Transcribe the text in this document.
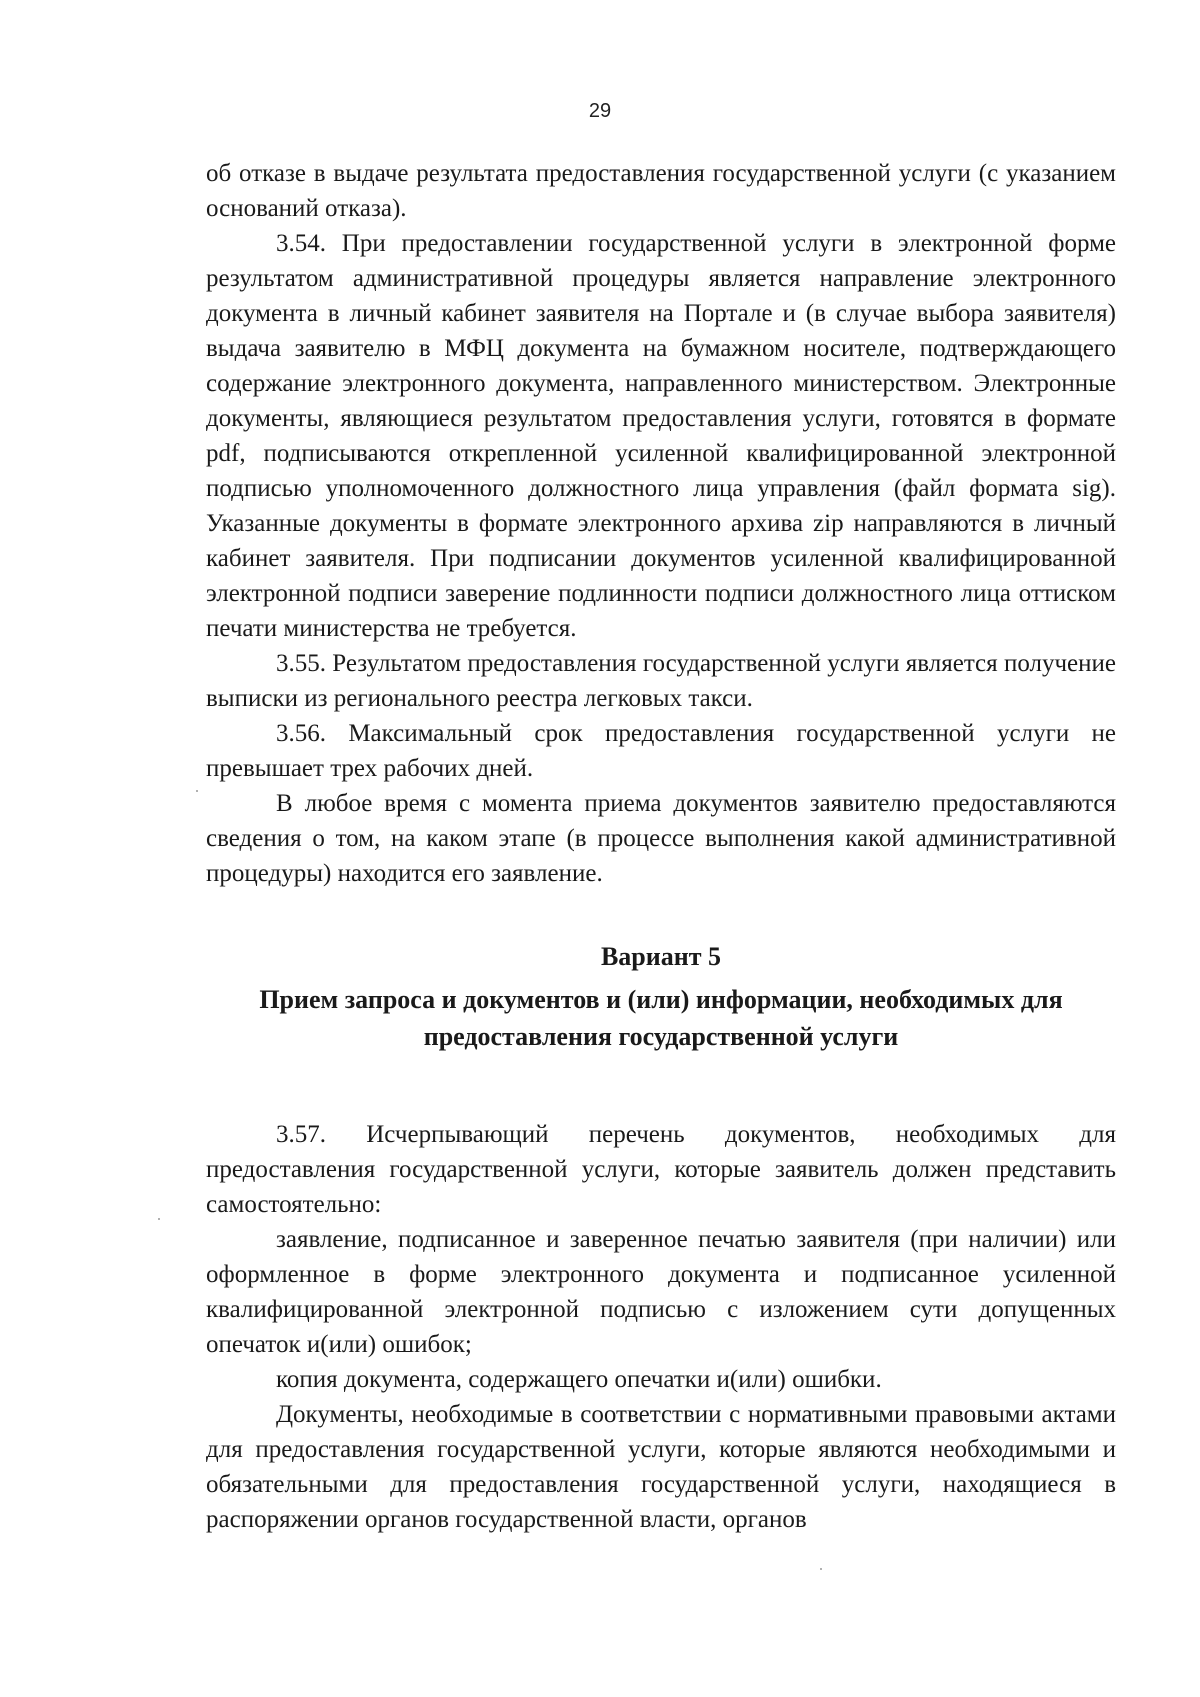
29

об отказе в выдаче результата предоставления государственной услуги (с указанием оснований отказа).

3.54. При предоставлении государственной услуги в электронной форме результатом административной процедуры является направление электронного документа в личный кабинет заявителя на Портале и (в случае выбора заявителя) выдача заявителю в МФЦ документа на бумажном носителе, подтверждающего содержание электронного документа, направленного министерством. Электронные документы, являющиеся результатом предоставления услуги, готовятся в формате pdf, подписываются открепленной усиленной квалифицированной электронной подписью уполномоченного должностного лица управления (файл формата sig). Указанные документы в формате электронного архива zip направляются в личный кабинет заявителя. При подписании документов усиленной квалифицированной электронной подписи заверение подлинности подписи должностного лица оттиском печати министерства не требуется.

3.55. Результатом предоставления государственной услуги является получение выписки из регионального реестра легковых такси.

3.56. Максимальный срок предоставления государственной услуги не превышает трех рабочих дней.

В любое время с момента приема документов заявителю предоставляются сведения о том, на каком этапе (в процессе выполнения какой административной процедуры) находится его заявление.

Вариант 5

Прием запроса и документов и (или) информации, необходимых для предоставления государственной услуги

3.57. Исчерпывающий перечень документов, необходимых для предоставления государственной услуги, которые заявитель должен представить самостоятельно:

заявление, подписанное и заверенное печатью заявителя (при наличии) или оформленное в форме электронного документа и подписанное усиленной квалифицированной электронной подписью с изложением сути допущенных опечаток и(или) ошибок;

копия документа, содержащего опечатки и(или) ошибки.

Документы, необходимые в соответствии с нормативными правовыми актами для предоставления государственной услуги, которые являются необходимыми и обязательными для предоставления государственной услуги, находящиеся в распоряжении органов государственной власти, органов
